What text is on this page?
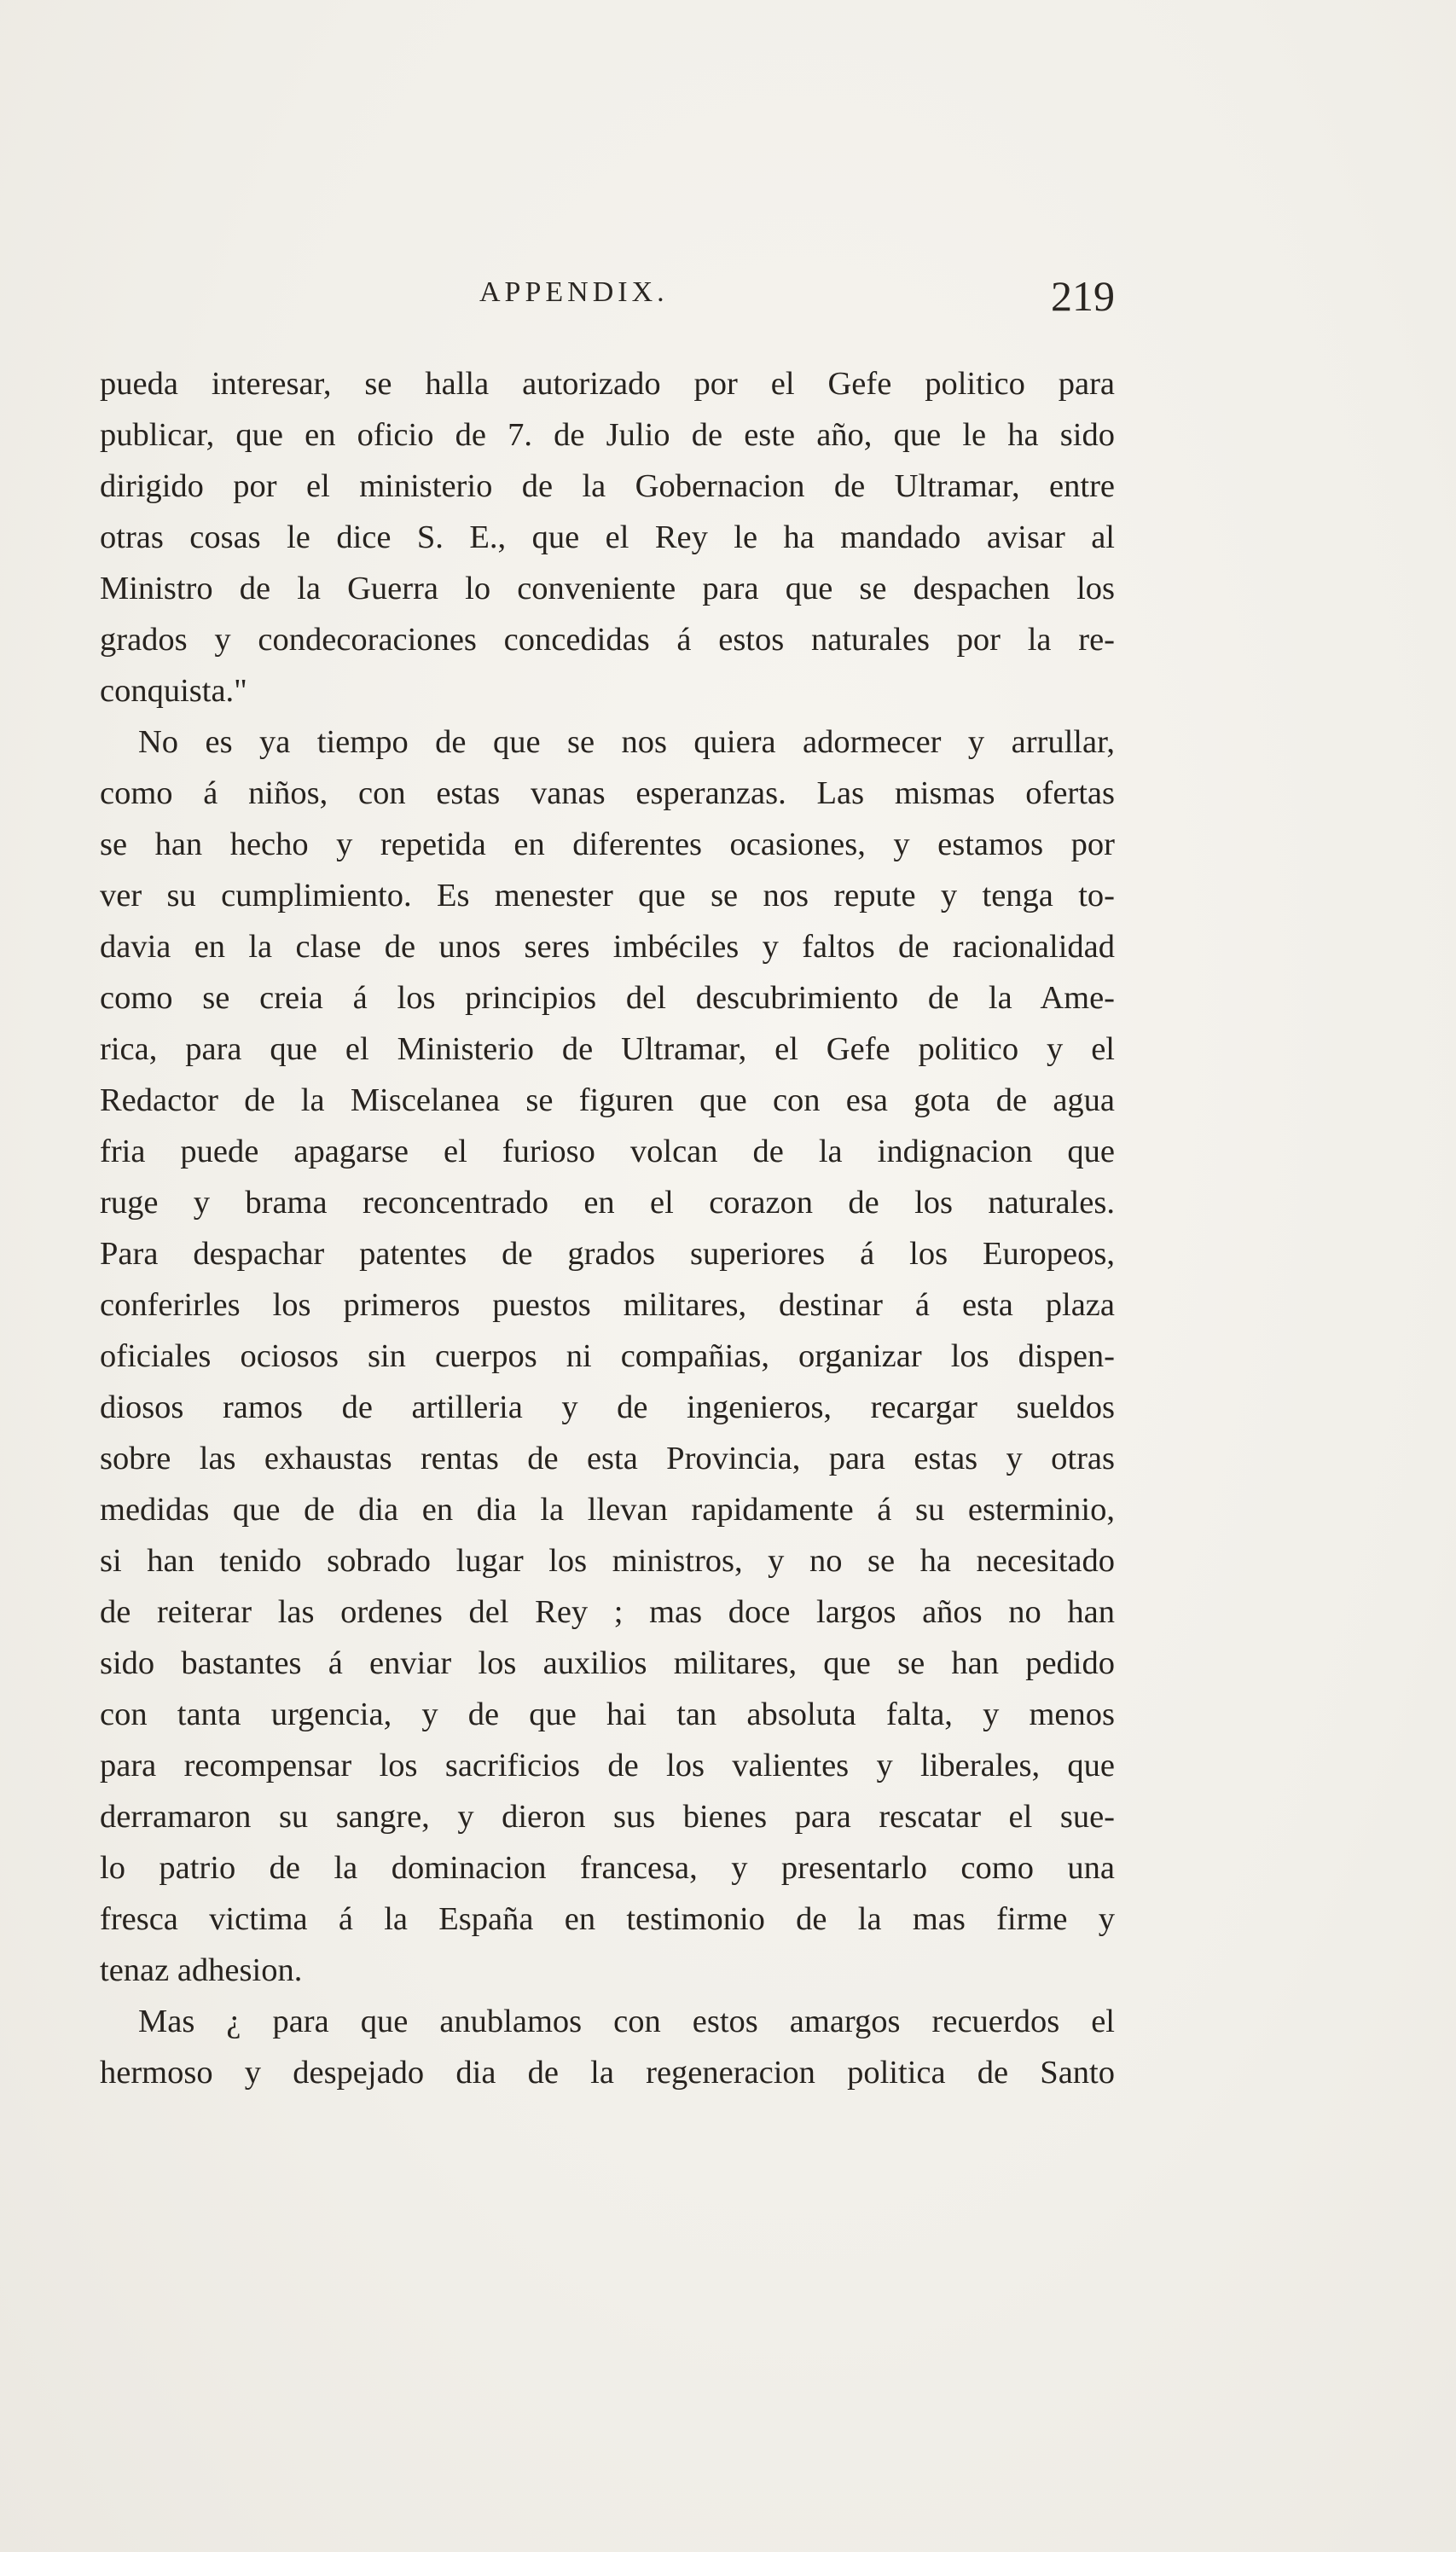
APPENDIX.	219
pueda interesar, se halla autorizado por el Gefe politico para
publicar, que en oficio de 7. de Julio de este año, que le ha sido
dirigido por el ministerio de la Gobernacion de Ultramar, entre
otras cosas le dice S. E., que el Rey le ha mandado avisar al
Ministro de la Guerra lo conveniente para que se despachen los
grados y condecoraciones concedidas á estos naturales por la re-
conquista."
No es ya tiempo de que se nos quiera adormecer y arrullar,
como á niños, con estas vanas esperanzas. Las mismas ofertas
se han hecho y repetida en diferentes ocasiones, y estamos por
ver su cumplimiento. Es menester que se nos repute y tenga to-
davia en la clase de unos seres imbéciles y faltos de racionalidad
como se creia á los principios del descubrimiento de la Ame-
rica, para que el Ministerio de Ultramar, el Gefe politico y el
Redactor de la Miscelanea se figuren que con esa gota de agua
fria puede apagarse el furioso volcan de la indignacion que
ruge y brama reconcentrado en el corazon de los naturales.
Para despachar patentes de grados superiores á los Europeos,
conferirles los primeros puestos militares, destinar á esta plaza
oficiales ociosos sin cuerpos ni compañias, organizar los dispen-
diosos ramos de artilleria y de ingenieros, recargar sueldos
sobre las exhaustas rentas de esta Provincia, para estas y otras
medidas que de dia en dia la llevan rapidamente á su esterminio,
si han tenido sobrado lugar los ministros, y no se ha necesitado
de reiterar las ordenes del Rey ; mas doce largos años no han
sido bastantes á enviar los auxilios militares, que se han pedido
con tanta urgencia, y de que hai tan absoluta falta, y menos
para recompensar los sacrificios de los valientes y liberales, que
derramaron su sangre, y dieron sus bienes para rescatar el sue-
lo patrio de la dominacion francesa, y presentarlo como una
fresca victima á la España en testimonio de la mas firme y
tenaz adhesion.
Mas ¿ para que anublamos con estos amargos recuerdos el
hermoso y despejado dia de la regeneracion politica de Santo
